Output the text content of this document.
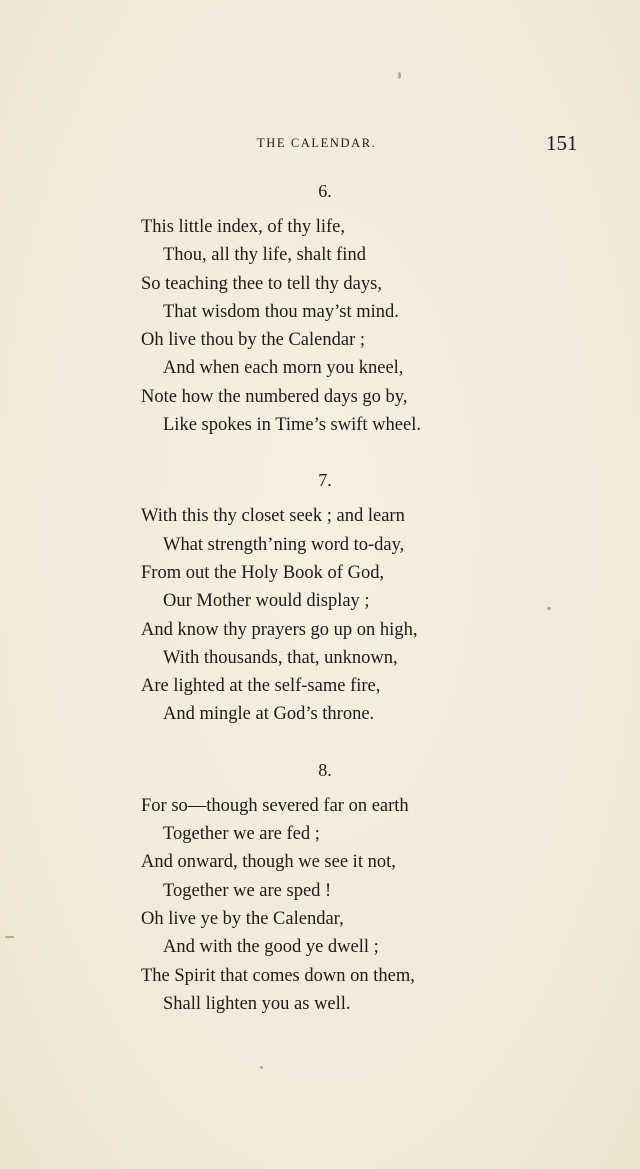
THE CALENDAR.	151
6.
This little index, of thy life,
Thou, all thy life, shalt find
So teaching thee to tell thy days,
That wisdom thou may’st mind.
Oh live thou by the Calendar ;
And when each morn you kneel,
Note how the numbered days go by,
Like spokes in Time’s swift wheel.
7.
With this thy closet seek ; and learn
What strength’ning word to-day,
From out the Holy Book of God,
Our Mother would display ;
And know thy prayers go up on high,
With thousands, that, unknown,
Are lighted at the self-same fire,
And mingle at God’s throne.
8.
For so—though severed far on earth
Together we are fed ;
And onward, though we see it not,
Together we are sped !
Oh live ye by the Calendar,
And with the good ye dwell ;
The Spirit that comes down on them,
Shall lighten you as well.
